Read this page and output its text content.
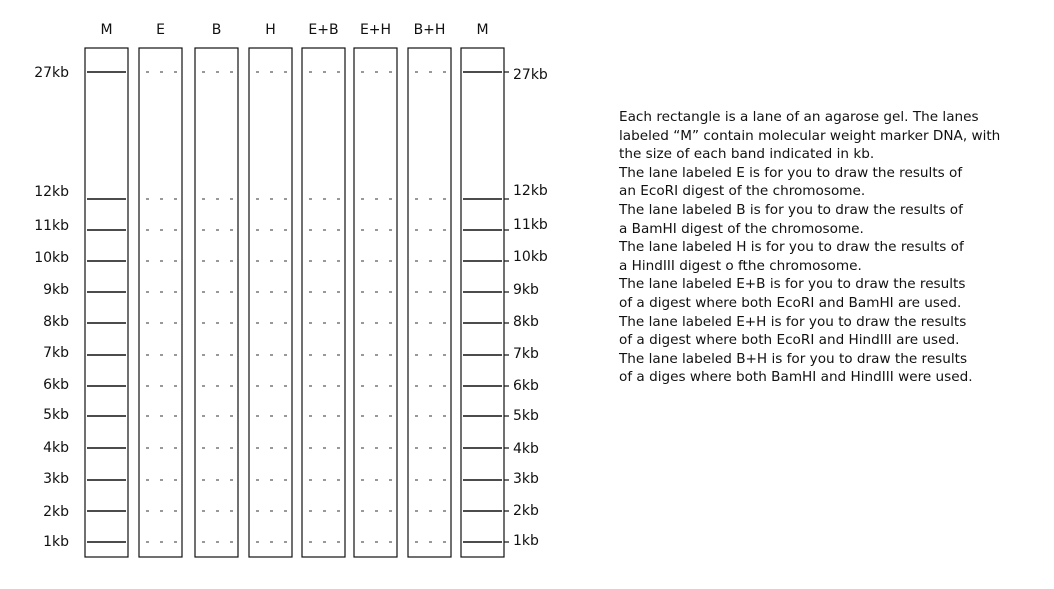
M	E	B	H E+B E+H B+H M
27kb	27kb
12kb	12kb
11kb	11kb
10kb	10kb
9kb	9kb
8kb	8kb
7kb	7kb
6kb	6kb
5kb	5kb
4kb	4kb
3kb	3kb
2kb	2kb
1kb	1kb
Each rectangle is a lane of an agarose gel. The lanes
labeled “M” contain molecular weight marker DNA, with
the size of each band indicated in kb.
The lane labeled E is for you to draw the results of
an EcoRI digest of the chromosome.
The lane labeled B is for you to draw the results of
a BamHI digest of the chromosome.
The lane labeled H is for you to draw the results of
a HindIII digest o fthe chromosome.
The lane labeled E+B is for you to draw the results
of a digest where both EcoRI and BamHI are used.
The lane labeled E+H is for you to draw the results
of a digest where both EcoRI and HindIII are used.
The lane labeled B+H is for you to draw the results
of a diges where both BamHI and HindIII were used.
